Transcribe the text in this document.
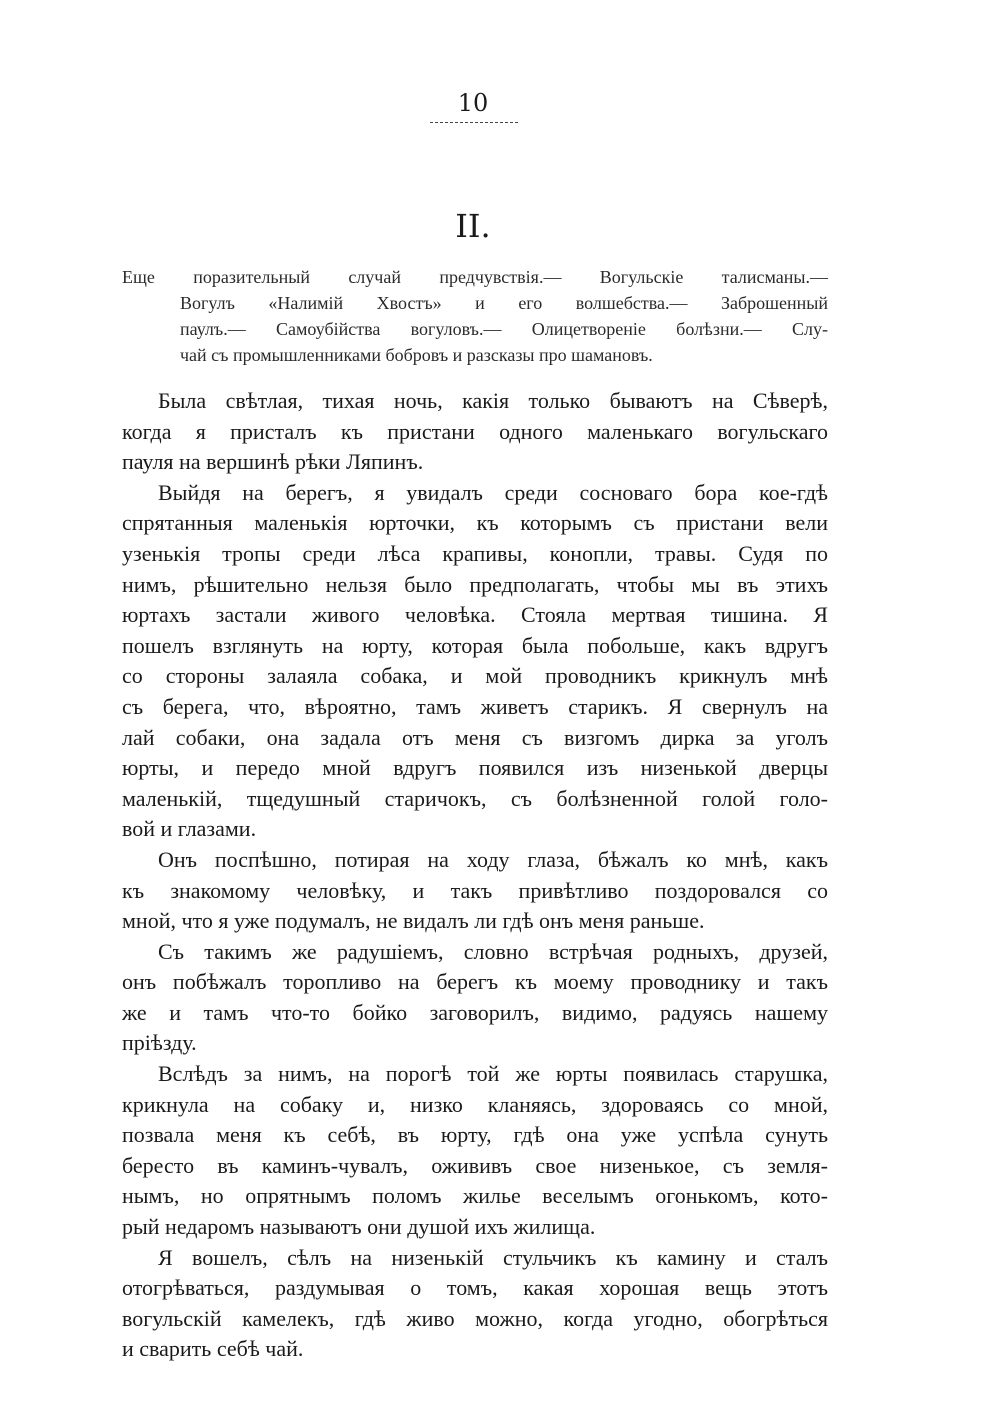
10
II.
Еще поразительный случай предчувствія.— Вогульскіе талисманы.—
Вогулъ «Налимій Хвостъ» и его волшебства.— Заброшенный
паулъ.— Самоубійства вогуловъ.— Олицетвореніе болѣзни.— Слу-
чай съ промышленниками бобровъ и разсказы про шамановъ.
Была свѣтлая, тихая ночь, какія только бываютъ на Сѣверѣ,
когда я присталъ къ пристани одного маленькаго вогульскаго
пауля на вершинѣ рѣки Ляпинъ.
Выйдя на берегъ, я увидалъ среди сосноваго бора кое-гдѣ
спрятанныя маленькія юрточки, къ которымъ съ пристани вели
узенькія тропы среди лѣса крапивы, конопли, травы. Судя по
нимъ, рѣшительно нельзя было предполагать, чтобы мы въ этихъ
юртахъ застали живого человѣка. Стояла мертвая тишина. Я
пошелъ взглянуть на юрту, которая была побольше, какъ вдругъ
со стороны залаяла собака, и мой проводникъ крикнулъ мнѣ
съ берега, что, вѣроятно, тамъ живетъ старикъ. Я свернулъ на
лай собаки, она задала отъ меня съ визгомъ дирка за уголъ
юрты, и передо мной вдругъ появился изъ низенькой дверцы
маленькій, тщедушный старичокъ, съ болѣзненной голой голо-
вой и глазами.
Онъ поспѣшно, потирая на ходу глаза, бѣжалъ ко мнѣ, какъ
къ знакомому человѣку, и такъ привѣтливо поздоровался со
мной, что я уже подумалъ, не видалъ ли гдѣ онъ меня раньше.
Съ такимъ же радушіемъ, словно встрѣчая родныхъ, друзей,
онъ побѣжалъ торопливо на берегъ къ моему проводнику и такъ
же и тамъ что-то бойко заговорилъ, видимо, радуясь нашему
пріѣзду.
Вслѣдъ за нимъ, на порогѣ той же юрты появилась старушка,
крикнула на собаку и, низко кланяясь, здороваясь со мной,
позвала меня къ себѣ, въ юрту, гдѣ она уже успѣла сунуть
бересто въ каминъ-чувалъ, ожививъ свое низенькое, съ земля-
нымъ, но опрятнымъ поломъ жилье веселымъ огонькомъ, кото-
рый недаромъ называютъ они душой ихъ жилища.
Я вошелъ, сѣлъ на низенькій стульчикъ къ камину и сталъ
отогрѣваться, раздумывая о томъ, какая хорошая вещь этотъ
вогульскій камелекъ, гдѣ живо можно, когда угодно, обогрѣться
и сварить себѣ чай.
